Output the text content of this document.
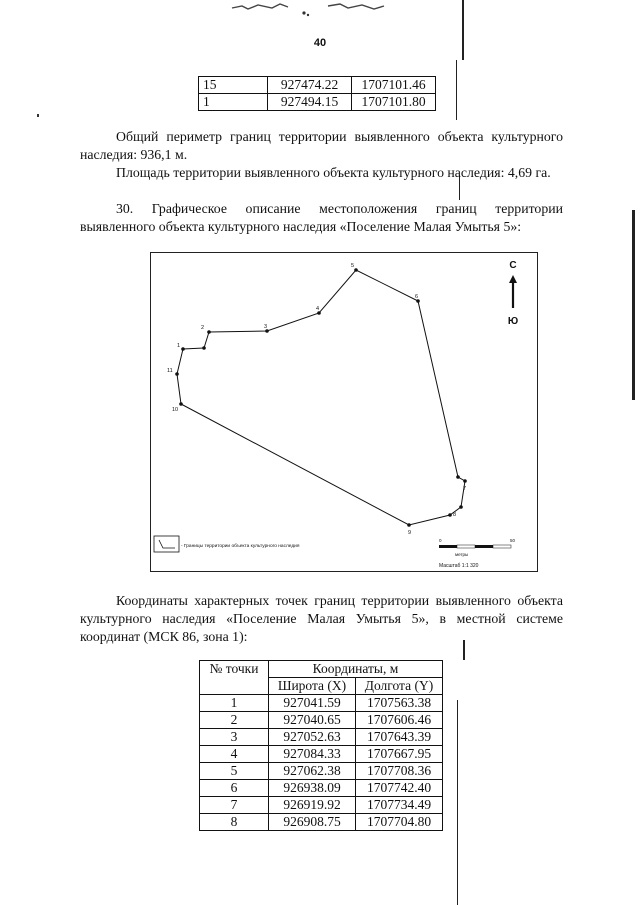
40
15	927474.22	1707101.46
1	927494.15	1707101.80

Общий периметр границ территории выявленного объекта культурного наследия: 936,1 м.

Площадь территории выявленного объекта культурного наследия: 4,69 га.

30. Графическое описание местоположения границ территории выявленного объекта культурного наследия «Поселение Малая Умытья 5»:

1
2	3
4
5
6
7
8
9
10
11
С
Ю
- Границы территории объекта культурного наследия
0	50
метры
Масштаб 1:1 320

Координаты характерных точек границ территории выявленного объекта культурного наследия «Поселение Малая Умытья 5», в местной системе координат (МСК 86, зона 1):

№ точки	Координаты, м	
	Широта (X)	Долгота (Y)
1	927041.59	1707563.38
2	927040.65	1707606.46
3	927052.63	1707643.39
4	927084.33	1707667.95
5	927062.38	1707708.36
6	926938.09	1707742.40
7	926919.92	1707734.49
8	926908.75	1707704.80
